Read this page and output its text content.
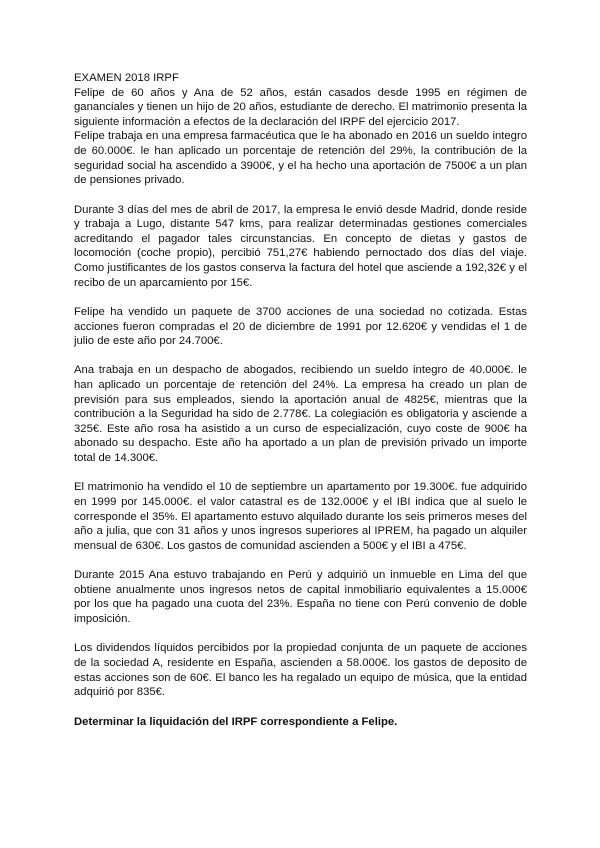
EXAMEN 2018 IRPF

Felipe de 60 años y Ana de 52 años, están casados desde 1995 en régimen de gananciales y tienen un hijo de 20 años, estudiante de derecho. El matrimonio presenta la siguiente información a efectos de la declaración del IRPF del ejercicio 2017.

Felipe trabaja en una empresa farmacéutica que le ha abonado en 2016 un sueldo integro de 60.000€. le han aplicado un porcentaje de retención del 29%, la contribución de la seguridad social ha ascendido a 3900€, y el ha hecho una aportación de 7500€ a un plan de pensiones privado.

Durante 3 días del mes de abril de 2017, la empresa le envió desde Madrid, donde reside y trabaja a Lugo, distante 547 kms, para realizar determinadas gestiones comerciales acreditando el pagador tales circunstancias. En concepto de dietas y gastos de locomoción (coche propio), percibió 751,27€ habiendo pernoctado dos días del viaje. Como justificantes de los gastos conserva la factura del hotel que asciende a 192,32€ y el recibo de un aparcamiento por 15€.

Felipe ha vendido un paquete de 3700 acciones de una sociedad no cotizada. Estas acciones fueron compradas el 20 de diciembre de 1991 por 12.620€ y vendidas el 1 de julio de este año por 24.700€.

Ana trabaja en un despacho de abogados, recibiendo un sueldo integro de 40.000€. le han aplicado un porcentaje de retención del 24%. La empresa ha creado un plan de previsión para sus empleados, siendo la aportación anual de 4825€, mientras que la contribución a la Seguridad ha sido de 2.778€. La colegiación es obligatoria y asciende a 325€. Este año rosa ha asistido a un curso de especialización, cuyo coste de 900€ ha abonado su despacho. Este año ha aportado a un plan de previsión privado un importe total de 14.300€.

El matrimonio ha vendido el 10 de septiembre un apartamento por 19.300€. fue adquirido en 1999 por 145.000€. el valor catastral es de 132.000€ y el IBI indica que al suelo le corresponde el 35%. El apartamento estuvo alquilado durante los seis primeros meses del año a julia, que con 31 años y unos ingresos superiores al IPREM, ha pagado un alquiler mensual de 630€. Los gastos de comunidad ascienden a 500€ y el IBI a 475€.

Durante 2015 Ana estuvo trabajando en Perú y adquirió un inmueble en Lima del que obtiene anualmente unos ingresos netos de capital inmobiliario equivalentes a 15.000€ por los que ha pagado una cuota del 23%. España no tiene con Perú convenio de doble imposición.

Los dividendos líquidos percibidos por la propiedad conjunta de un paquete de acciones de la sociedad A, residente en España, ascienden a 58.000€. los gastos de deposito de estas acciones son de 60€. El banco les ha regalado un equipo de música, que la entidad adquirió por 835€.

Determinar la liquidación del IRPF correspondiente a Felipe.
